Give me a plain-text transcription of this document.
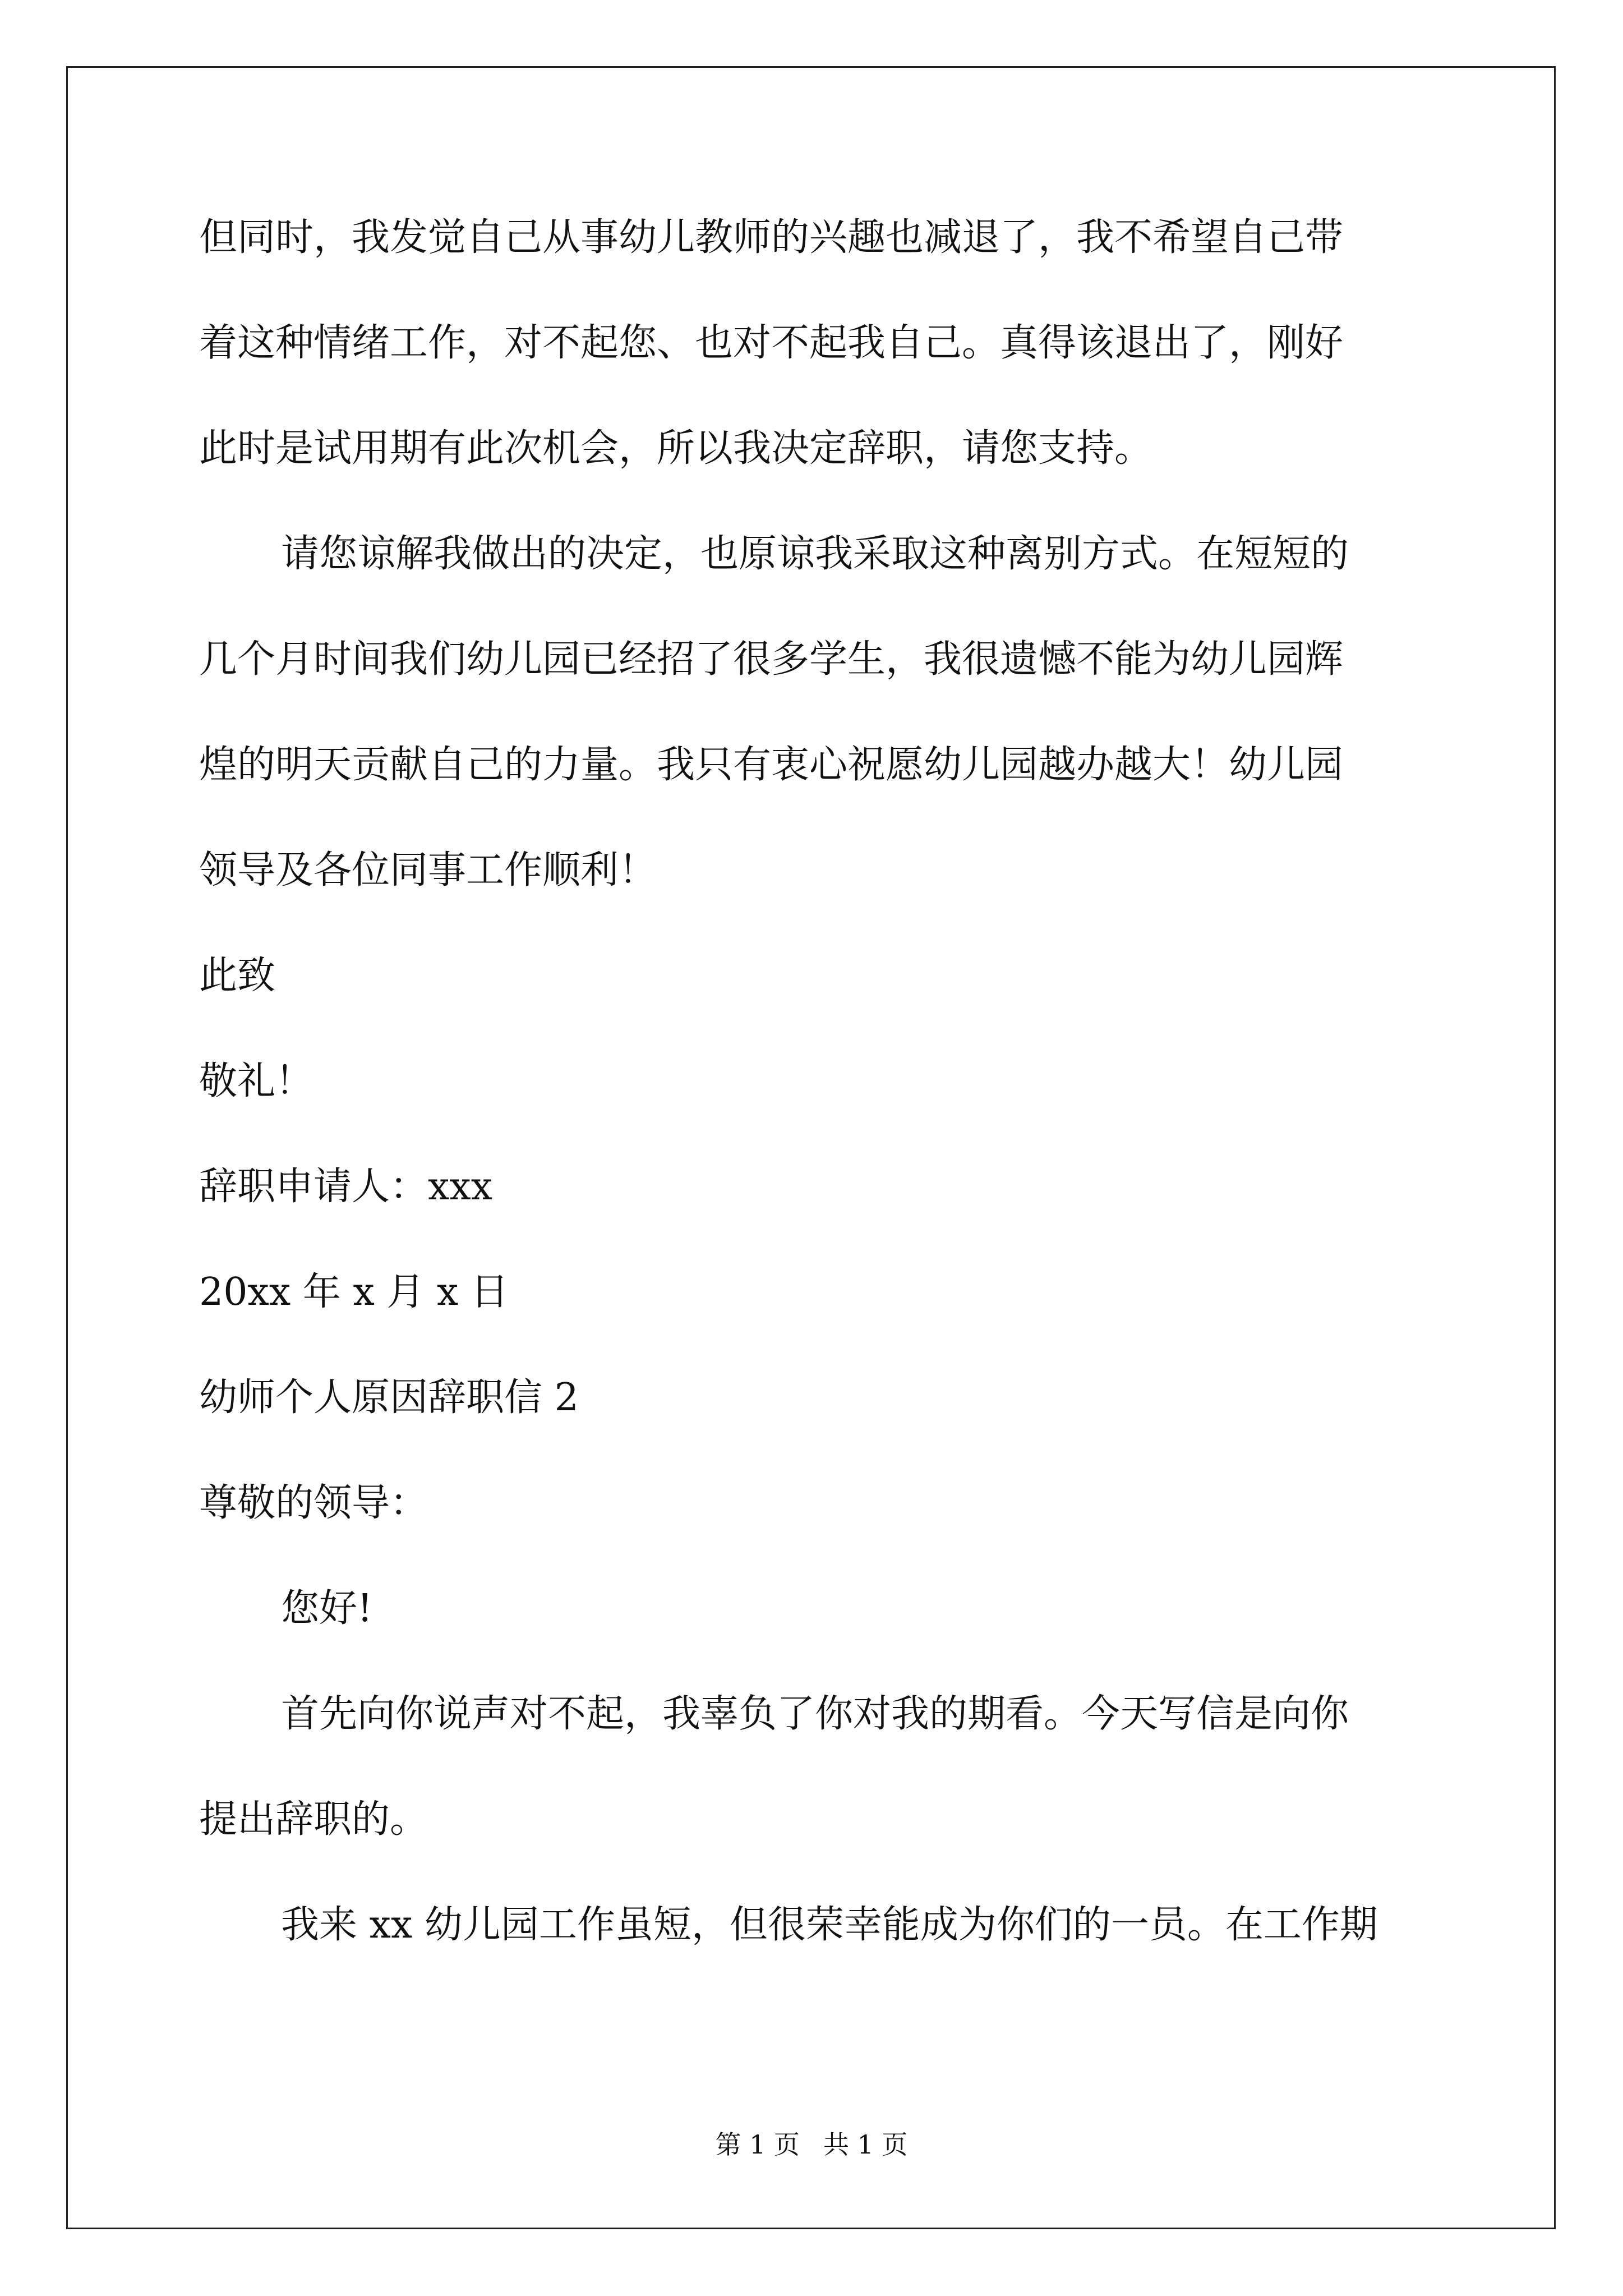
但同时，我发觉自己从事幼儿教师的兴趣也减退了，我不希望自己带
着这种情绪工作，对不起您、也对不起我自己。真得该退出了，刚好
此时是试用期有此次机会，所以我决定辞职，请您支持。
请您谅解我做出的决定，也原谅我采取这种离别方式。在短短的
几个月时间我们幼儿园已经招了很多学生，我很遗憾不能为幼儿园辉
煌的明天贡献自己的力量。我只有衷心祝愿幼儿园越办越大！幼儿园
领导及各位同事工作顺利！
此致
敬礼！
辞职申请人：xxx
20xx 年 x 月 x 日
幼师个人原因辞职信 2
尊敬的领导：
您好!
首先向你说声对不起，我辜负了你对我的期看。今天写信是向你
提出辞职的。
我来 xx 幼儿园工作虽短，但很荣幸能成为你们的一员。在工作期
第 1 页 共 1 页
